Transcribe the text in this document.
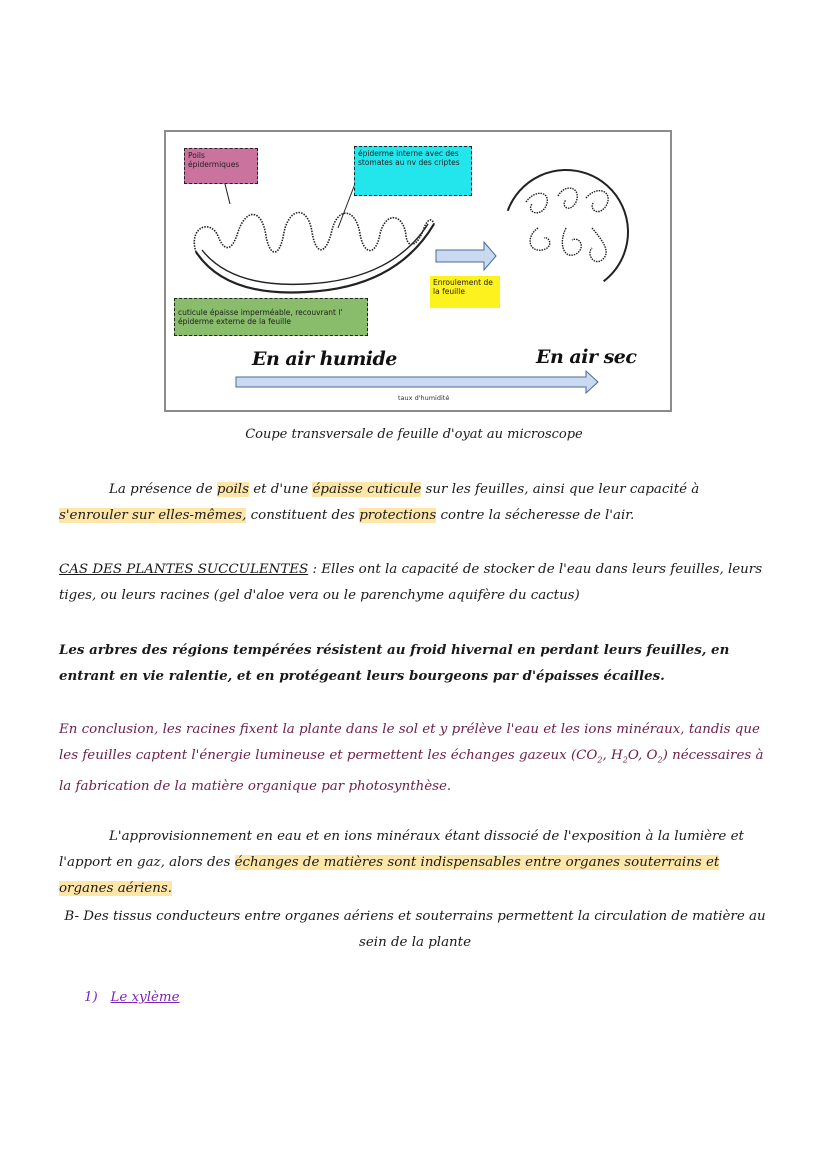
Poils épidermiques
épiderme interne avec des stomates au nv des criptes
cuticule épaisse imperméable, recouvrant l' épiderme externe de la feuille
Enroulement de la feuille
En air humide	En air sec
taux d'humidité
Coupe transversale de feuille d'oyat au microscope
La présence de poils et d'une épaisse cuticule sur les feuilles, ainsi que leur capacité à s'enrouler sur elles-mêmes, constituent des protections contre la sécheresse de l'air.
CAS DES PLANTES SUCCULENTES : Elles ont la capacité de stocker de l'eau dans leurs feuilles, leurs tiges, ou leurs racines (gel d'aloe vera ou le parenchyme aquifère du cactus)
Les arbres des régions tempérées résistent au froid hivernal en perdant leurs feuilles, en entrant en vie ralentie, et en protégeant leurs bourgeons par d'épaisses écailles.
En conclusion, les racines fixent la plante dans le sol et y prélève l'eau et les ions minéraux, tandis que les feuilles captent l'énergie lumineuse et permettent les échanges gazeux ($CO_2$, $H_2O$, $O_2$) nécessaires à la fabrication de la matière organique par photosynthèse.
L'approvisionnement en eau et en ions minéraux étant dissocié de l'exposition à la lumière et l'apport en gaz, alors des échanges de matières sont indispensables entre organes souterrains et organes aériens.
B- Des tissus conducteurs entre organes aériens et souterrains permettent la circulation de matière au sein de la plante
1) Le xylème
